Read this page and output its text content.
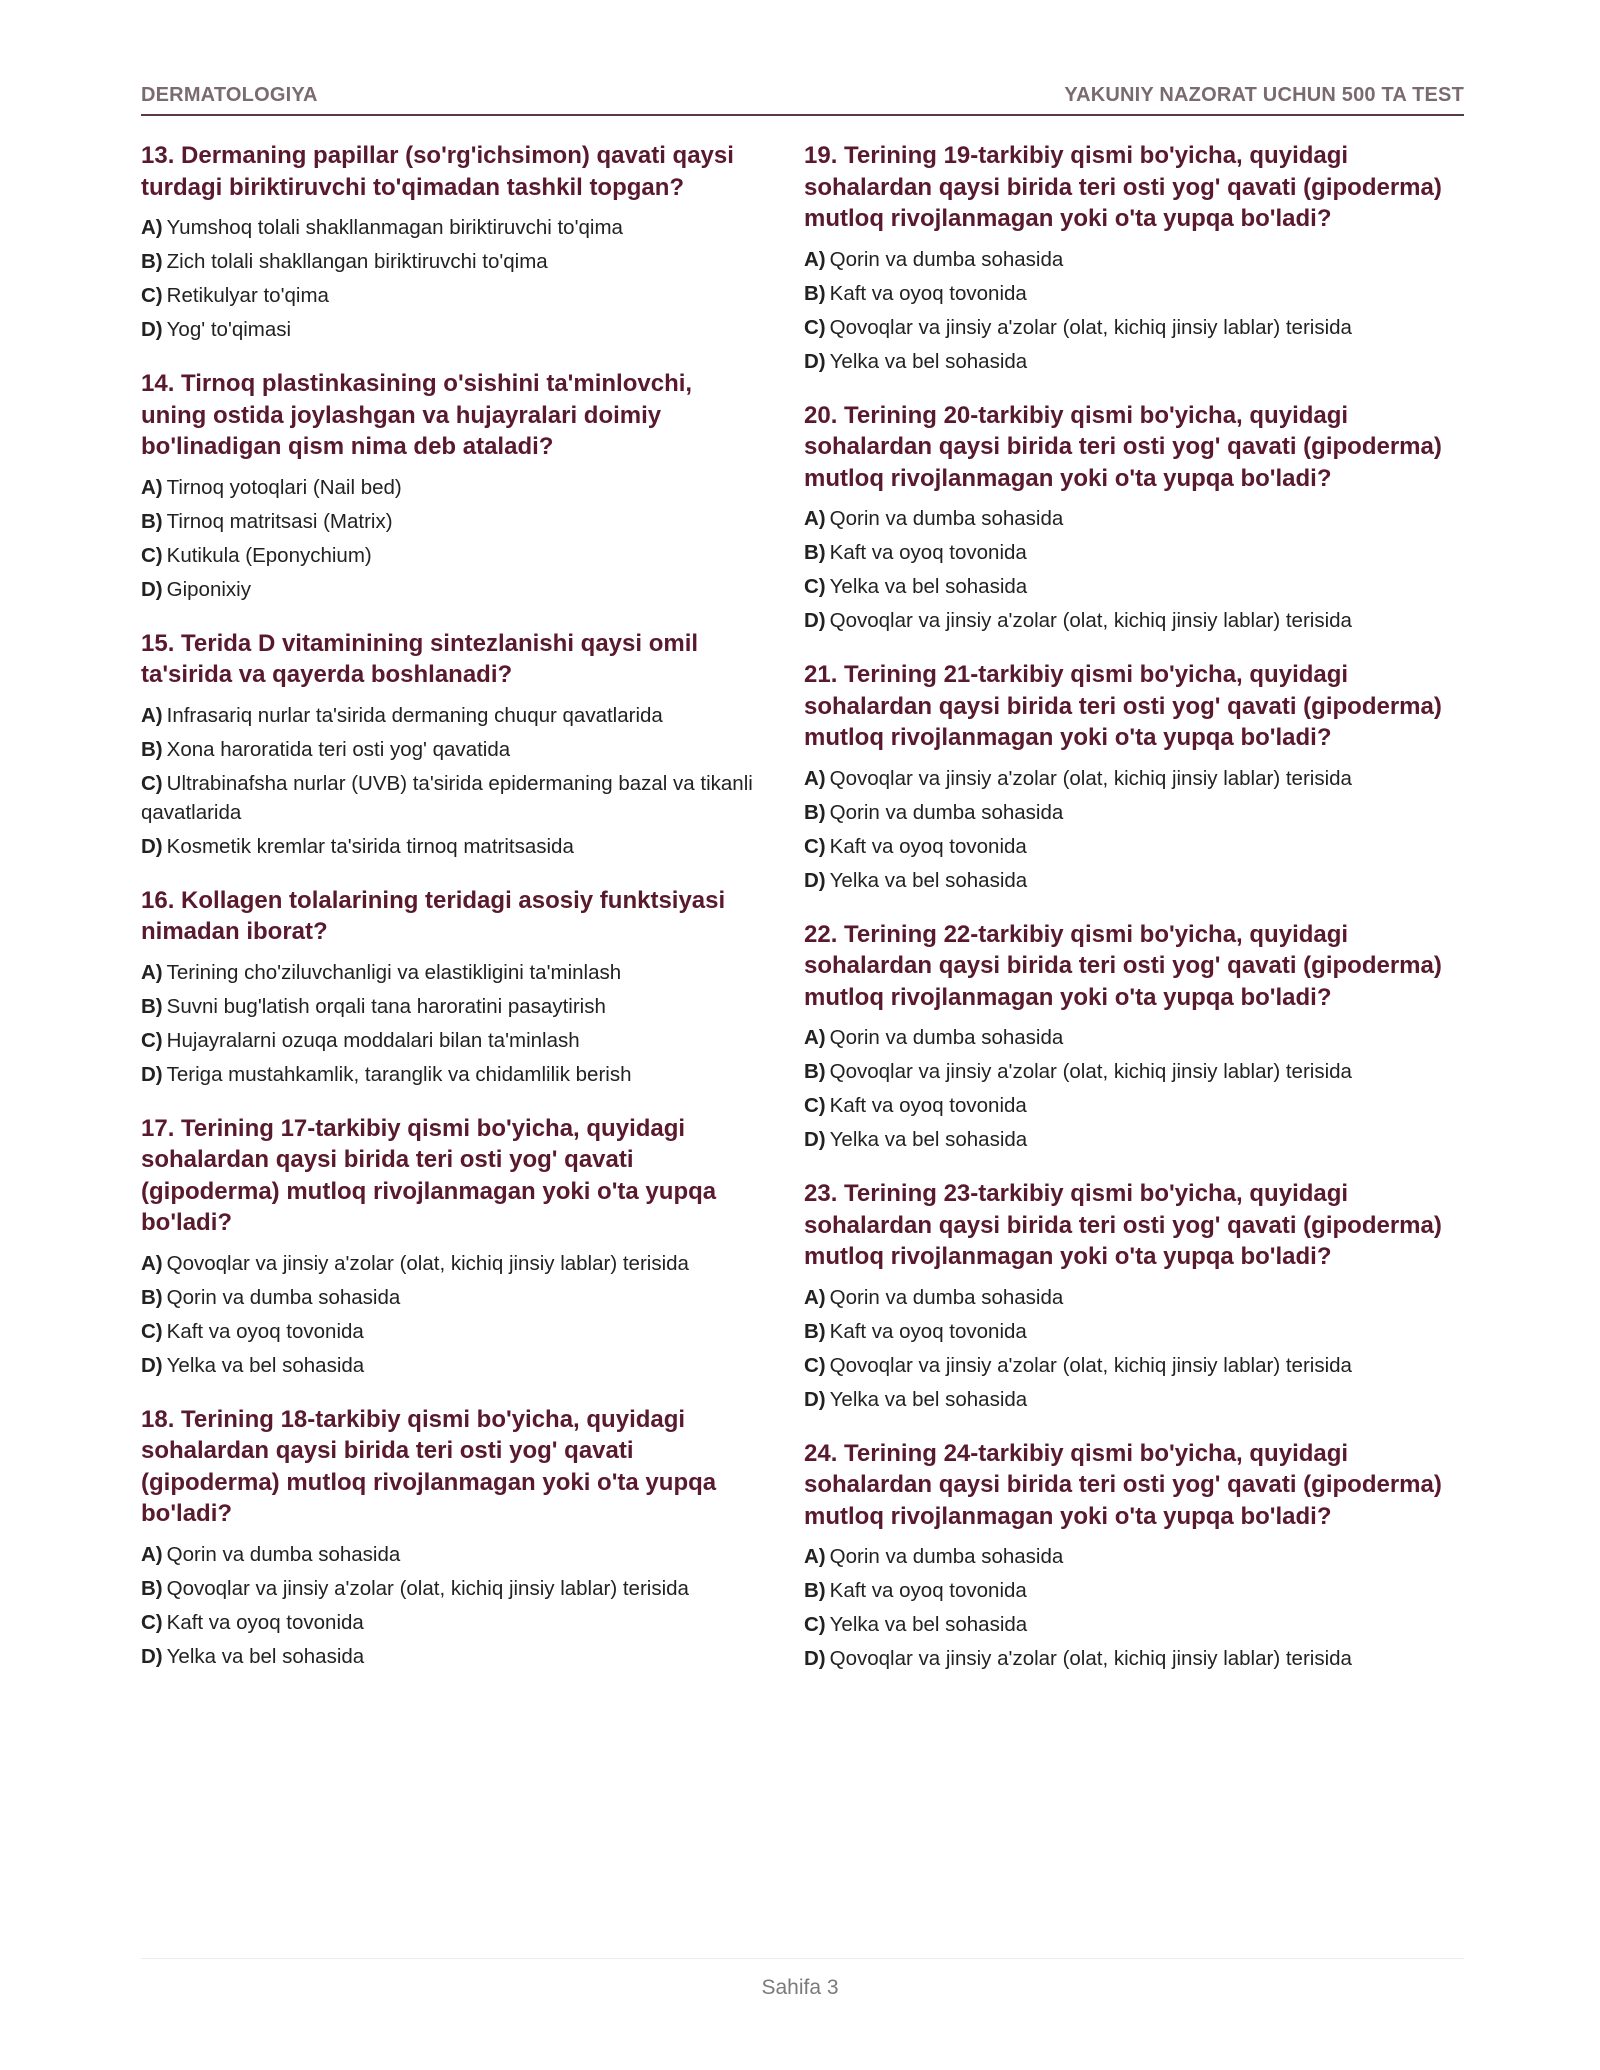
DERMATOLOGIYA	YAKUNIY NAZORAT UCHUN 500 TA TEST
13. Dermaning papillar (so'rg'ichsimon) qavati qaysi turdagi biriktiruvchi to'qimadan tashkil topgan?
A) Yumshoq tolali shakllanmagan biriktiruvchi to'qima
B) Zich tolali shakllangan biriktiruvchi to'qima
C) Retikulyar to'qima
D) Yog' to'qimasi
14. Tirnoq plastinkasining o'sishini ta'minlovchi, uning ostida joylashgan va hujayralari doimiy bo'linadigan qism nima deb ataladi?
A) Tirnoq yotoqlari (Nail bed)
B) Tirnoq matritsasi (Matrix)
C) Kutikula (Eponychium)
D) Giponixiy
15. Terida D vitaminining sintezlanishi qaysi omil ta'sirida va qayerda boshlanadi?
A) Infrasariq nurlar ta'sirida dermaning chuqur qavatlarida
B) Xona haroratida teri osti yog' qavatida
C) Ultrabinafsha nurlar (UVB) ta'sirida epidermaning bazal va tikanli qavatlarida
D) Kosmetik kremlar ta'sirida tirnoq matritsasida
16. Kollagen tolalarining teridagi asosiy funktsiyasi nimadan iborat?
A) Terining cho'ziluvchanligi va elastikligini ta'minlash
B) Suvni bug'latish orqali tana haroratini pasaytirish
C) Hujayralarni ozuqa moddalari bilan ta'minlash
D) Teriga mustahkamlik, taranglik va chidamlilik berish
17. Terining 17-tarkibiy qismi bo'yicha, quyidagi sohalardan qaysi birida teri osti yog' qavati (gipoderma) mutloq rivojlanmagan yoki o'ta yupqa bo'ladi?
A) Qovoqlar va jinsiy a'zolar (olat, kichiq jinsiy lablar) terisida
B) Qorin va dumba sohasida
C) Kaft va oyoq tovonida
D) Yelka va bel sohasida
18. Terining 18-tarkibiy qismi bo'yicha, quyidagi sohalardan qaysi birida teri osti yog' qavati (gipoderma) mutloq rivojlanmagan yoki o'ta yupqa bo'ladi?
A) Qorin va dumba sohasida
B) Qovoqlar va jinsiy a'zolar (olat, kichiq jinsiy lablar) terisida
C) Kaft va oyoq tovonida
D) Yelka va bel sohasida
19. Terining 19-tarkibiy qismi bo'yicha, quyidagi sohalardan qaysi birida teri osti yog' qavati (gipoderma) mutloq rivojlanmagan yoki o'ta yupqa bo'ladi?
A) Qorin va dumba sohasida
B) Kaft va oyoq tovonida
C) Qovoqlar va jinsiy a'zolar (olat, kichiq jinsiy lablar) terisida
D) Yelka va bel sohasida
20. Terining 20-tarkibiy qismi bo'yicha, quyidagi sohalardan qaysi birida teri osti yog' qavati (gipoderma) mutloq rivojlanmagan yoki o'ta yupqa bo'ladi?
A) Qorin va dumba sohasida
B) Kaft va oyoq tovonida
C) Yelka va bel sohasida
D) Qovoqlar va jinsiy a'zolar (olat, kichiq jinsiy lablar) terisida
21. Terining 21-tarkibiy qismi bo'yicha, quyidagi sohalardan qaysi birida teri osti yog' qavati (gipoderma) mutloq rivojlanmagan yoki o'ta yupqa bo'ladi?
A) Qovoqlar va jinsiy a'zolar (olat, kichiq jinsiy lablar) terisida
B) Qorin va dumba sohasida
C) Kaft va oyoq tovonida
D) Yelka va bel sohasida
22. Terining 22-tarkibiy qismi bo'yicha, quyidagi sohalardan qaysi birida teri osti yog' qavati (gipoderma) mutloq rivojlanmagan yoki o'ta yupqa bo'ladi?
A) Qorin va dumba sohasida
B) Qovoqlar va jinsiy a'zolar (olat, kichiq jinsiy lablar) terisida
C) Kaft va oyoq tovonida
D) Yelka va bel sohasida
23. Terining 23-tarkibiy qismi bo'yicha, quyidagi sohalardan qaysi birida teri osti yog' qavati (gipoderma) mutloq rivojlanmagan yoki o'ta yupqa bo'ladi?
A) Qorin va dumba sohasida
B) Kaft va oyoq tovonida
C) Qovoqlar va jinsiy a'zolar (olat, kichiq jinsiy lablar) terisida
D) Yelka va bel sohasida
24. Terining 24-tarkibiy qismi bo'yicha, quyidagi sohalardan qaysi birida teri osti yog' qavati (gipoderma) mutloq rivojlanmagan yoki o'ta yupqa bo'ladi?
A) Qorin va dumba sohasida
B) Kaft va oyoq tovonida
C) Yelka va bel sohasida
D) Qovoqlar va jinsiy a'zolar (olat, kichiq jinsiy lablar) terisida
Sahifa 3
